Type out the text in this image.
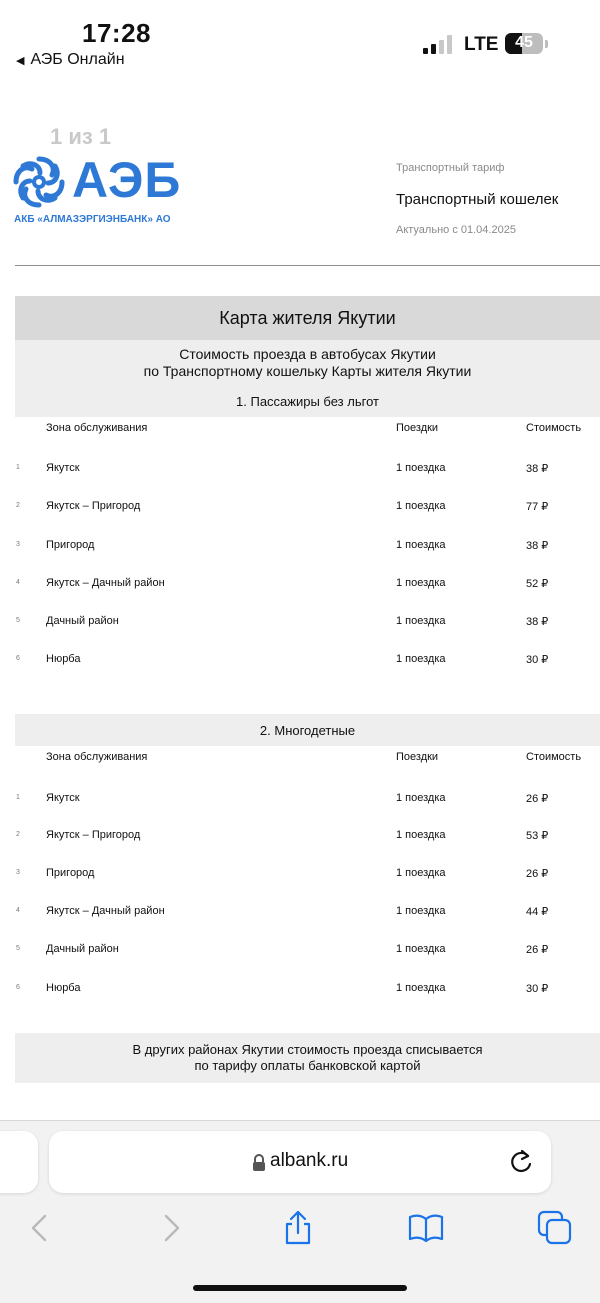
17:28
◀ АЭБ Онлайн
LTE	45
1 из 1
АЭБ
АКБ «АЛМАЗЭРГИЭНБАНК» АО
Транспортный тариф
Транспортный кошелек
Актуально с 01.04.2025
Карта жителя Якутии
Стоимость проезда в автобусах Якутии
по Транспортному кошельку Карты жителя Якутии
1. Пассажиры без льгот
Зона обслуживания	Поездки	Стоимость
1 Якутск	1 поездка	38 ₽
2 Якутск – Пригород	1 поездка	77 ₽
3 Пригород	1 поездка	38 ₽
4 Якутск – Дачный район	1 поездка	52 ₽
5 Дачный район	1 поездка	38 ₽
6 Нюрба	1 поездка	30 ₽
2. Многодетные
Зона обслуживания	Поездки	Стоимость
1 Якутск	1 поездка	26 ₽
2 Якутск – Пригород	1 поездка	53 ₽
3 Пригород	1 поездка	26 ₽
4 Якутск – Дачный район	1 поездка	44 ₽
5 Дачный район	1 поездка	26 ₽
6 Нюрба	1 поездка	30 ₽
В других районах Якутии стоимость проезда списывается
по тарифу оплаты банковской картой
albank.ru
